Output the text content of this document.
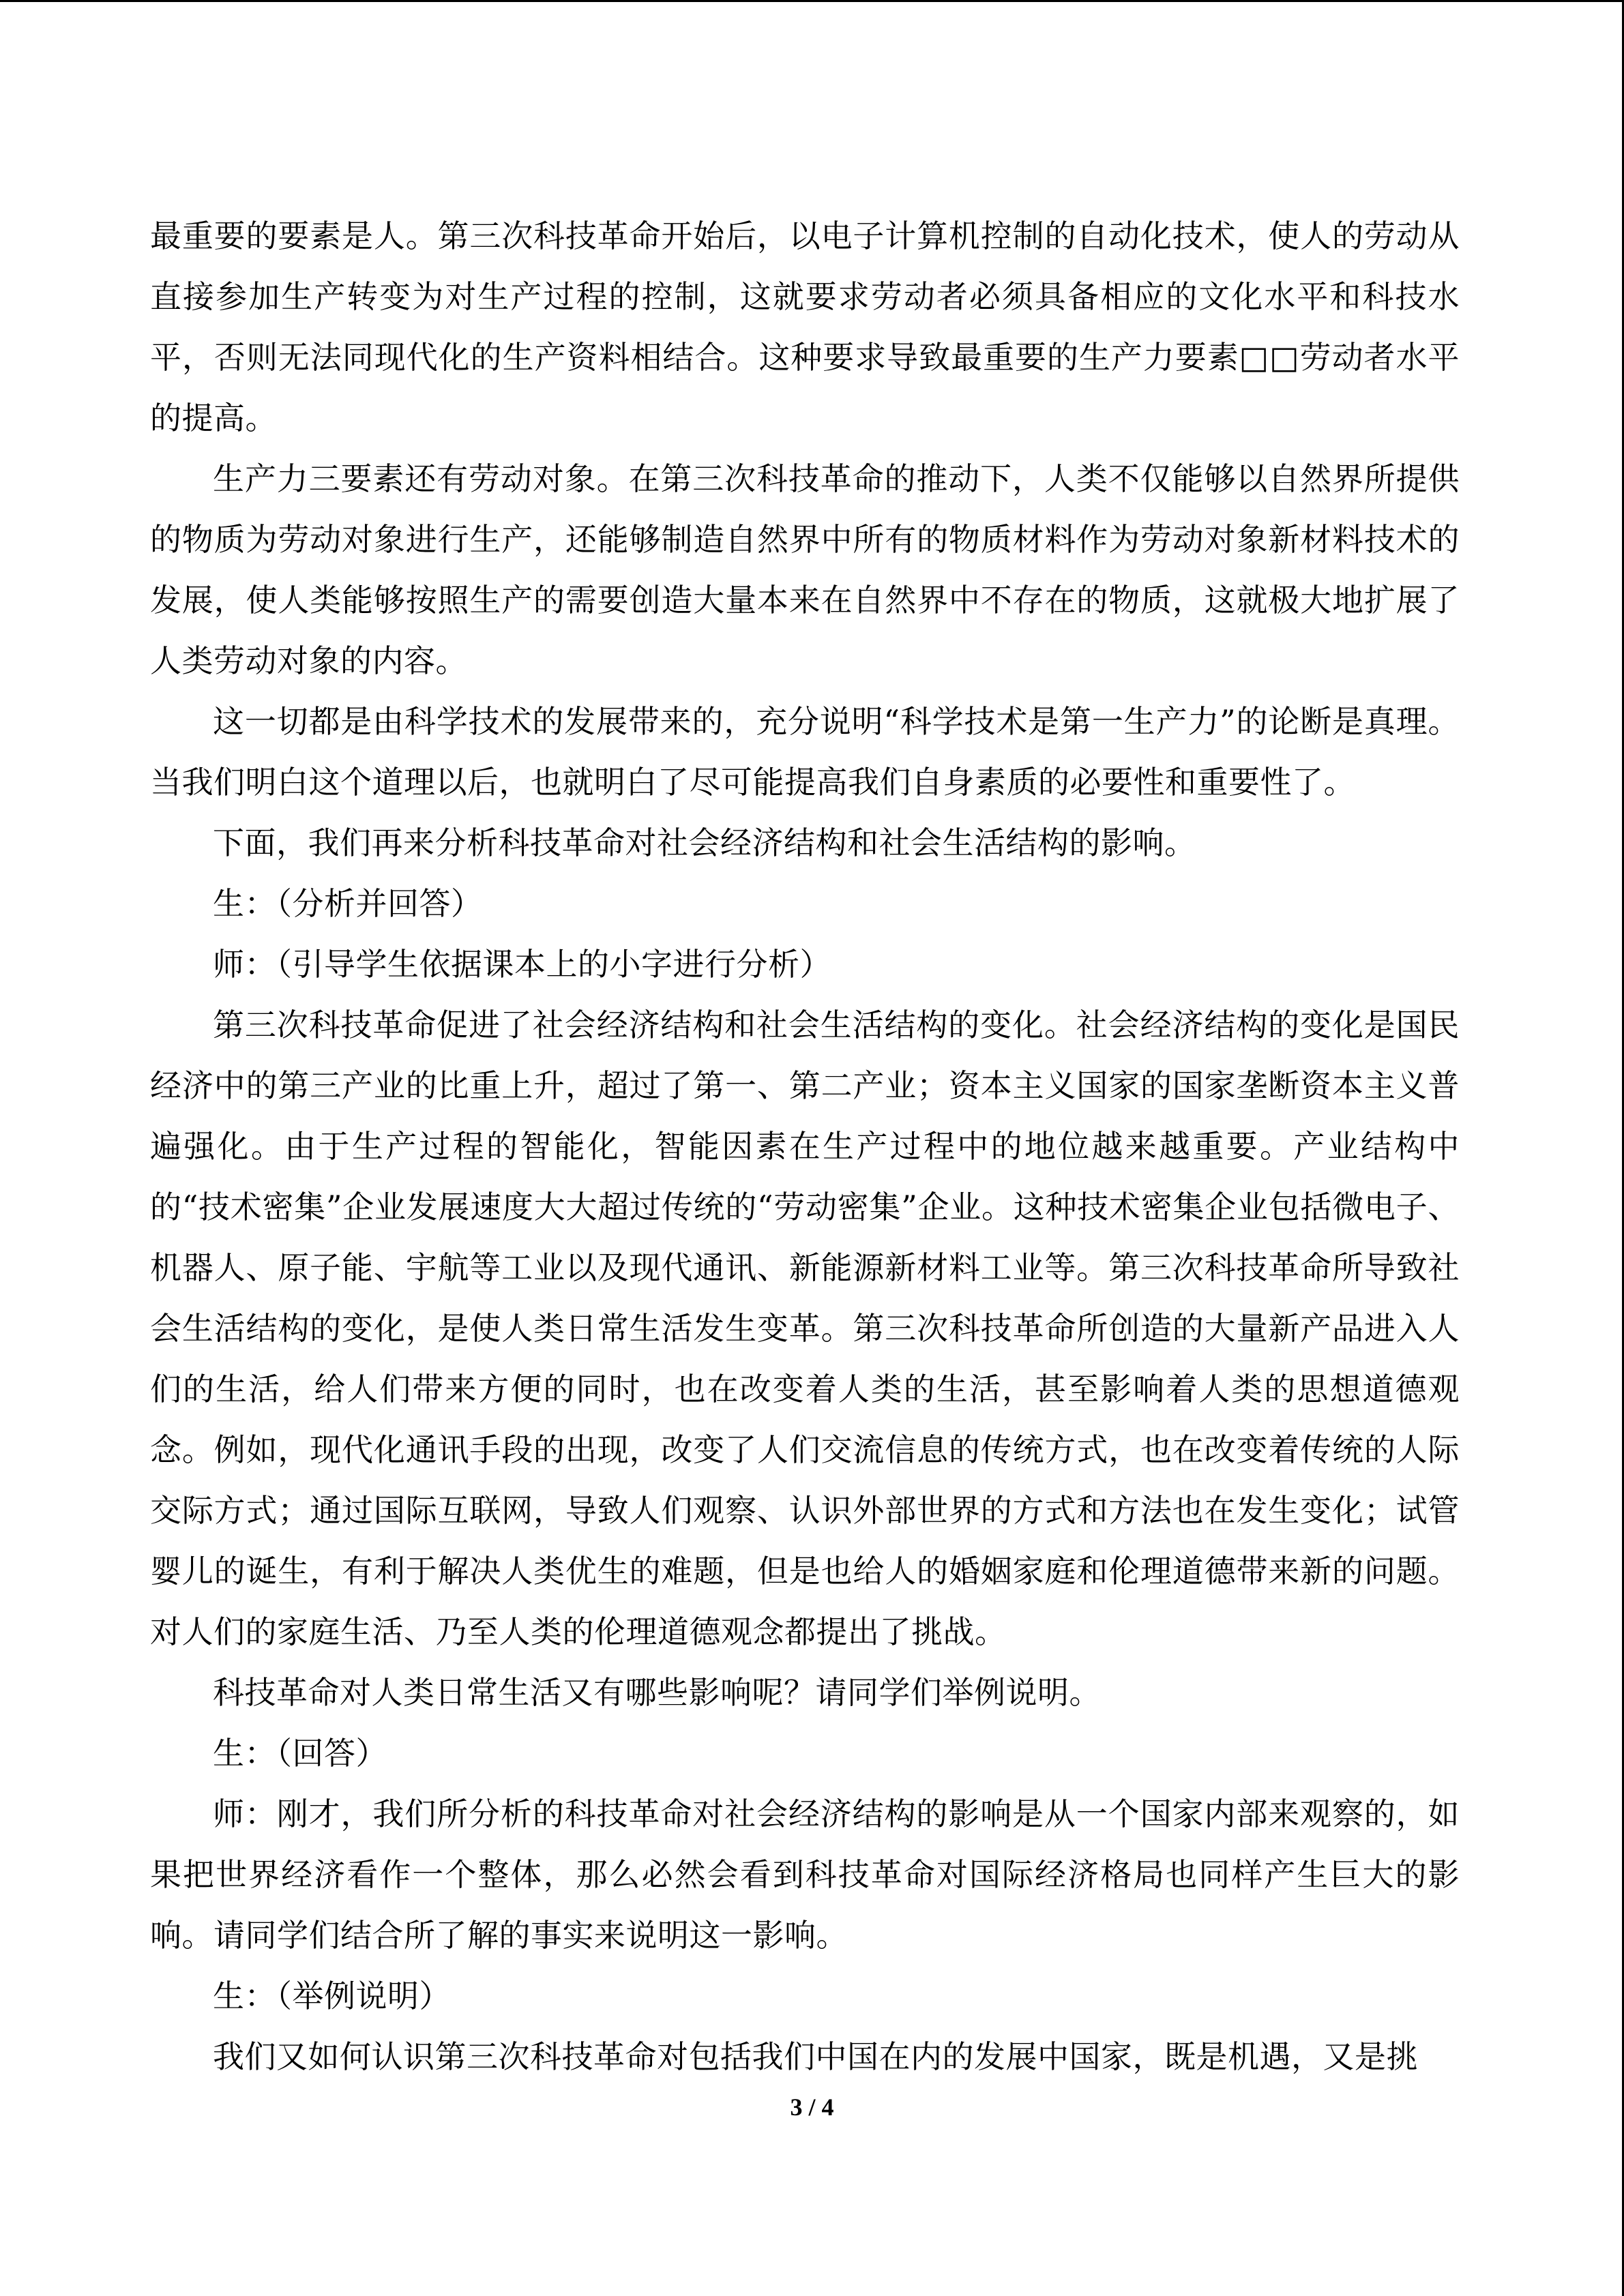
最重要的要素是人。第三次科技革命开始后，以电子计算机控制的自动化技术，使人的劳动从直接参加生产转变为对生产过程的控制，这就要求劳动者必须具备相应的文化水平和科技水平，否则无法同现代化的生产资料相结合。这种要求导致最重要的生产力要素□□劳动者水平的提高。

生产力三要素还有劳动对象。在第三次科技革命的推动下，人类不仅能够以自然界所提供的物质为劳动对象进行生产，还能够制造自然界中所有的物质材料作为劳动对象新材料技术的发展，使人类能够按照生产的需要创造大量本来在自然界中不存在的物质，这就极大地扩展了人类劳动对象的内容。

这一切都是由科学技术的发展带来的，充分说明“科学技术是第一生产力”的论断是真理。当我们明白这个道理以后，也就明白了尽可能提高我们自身素质的必要性和重要性了。

下面，我们再来分析科技革命对社会经济结构和社会生活结构的影响。

生：（分析并回答）

师：（引导学生依据课本上的小字进行分析）

第三次科技革命促进了社会经济结构和社会生活结构的变化。社会经济结构的变化是国民经济中的第三产业的比重上升，超过了第一、第二产业；资本主义国家的国家垄断资本主义普遍强化。由于生产过程的智能化，智能因素在生产过程中的地位越来越重要。产业结构中的“技术密集”企业发展速度大大超过传统的“劳动密集”企业。这种技术密集企业包括微电子、机器人、原子能、宇航等工业以及现代通讯、新能源新材料工业等。第三次科技革命所导致社会生活结构的变化，是使人类日常生活发生变革。第三次科技革命所创造的大量新产品进入人们的生活，给人们带来方便的同时，也在改变着人类的生活，甚至影响着人类的思想道德观念。例如，现代化通讯手段的出现，改变了人们交流信息的传统方式，也在改变着传统的人际交际方式；通过国际互联网，导致人们观察、认识外部世界的方式和方法也在发生变化；试管婴儿的诞生，有利于解决人类优生的难题，但是也给人的婚姻家庭和伦理道德带来新的问题。对人们的家庭生活、乃至人类的伦理道德观念都提出了挑战。

科技革命对人类日常生活又有哪些影响呢？请同学们举例说明。

生：（回答）

师：刚才，我们所分析的科技革命对社会经济结构的影响是从一个国家内部来观察的，如果把世界经济看作一个整体，那么必然会看到科技革命对国际经济格局也同样产生巨大的影响。请同学们结合所了解的事实来说明这一影响。

生：（举例说明）

我们又如何认识第三次科技革命对包括我们中国在内的发展中国家，既是机遇，又是挑

3 / 4
